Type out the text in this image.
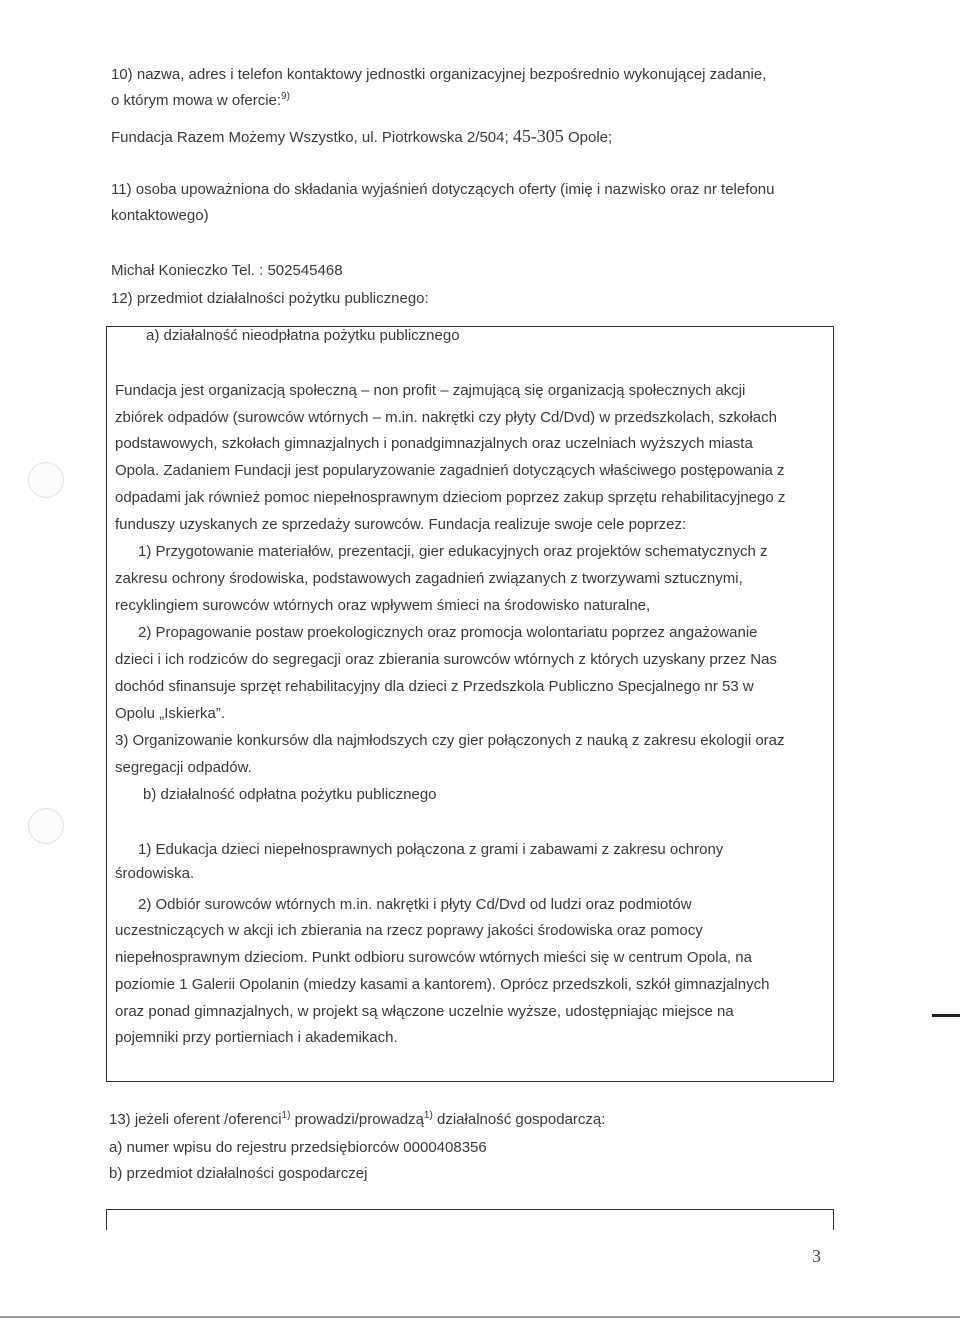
10) nazwa, adres i telefon kontaktowy jednostki organizacyjnej bezpośrednio wykonującej zadanie,
o którym mowa w ofercie:$^{9)}$
Fundacja Razem Możemy Wszystko, ul. Piotrkowska 2/504; 45-305 Opole;
11) osoba upoważniona do składania wyjaśnień dotyczących oferty (imię i nazwisko oraz nr telefonu
kontaktowego)
Michał Konieczko Tel. : 502545468
12) przedmiot działalności pożytku publicznego:
a) działalność nieodpłatna pożytku publicznego
Fundacja jest organizacją społeczną – non profit – zajmującą się organizacją społecznych akcji
zbiórek odpadów (surowców wtórnych – m.in. nakrętki czy płyty Cd/Dvd) w przedszkolach, szkołach
podstawowych, szkołach gimnazjalnych i ponadgimnazjalnych oraz uczelniach wyższych miasta
Opola. Zadaniem Fundacji jest popularyzowanie zagadnień dotyczących właściwego postępowania z
odpadami jak również pomoc niepełnosprawnym dzieciom poprzez zakup sprzętu rehabilitacyjnego z
funduszy uzyskanych ze sprzedaży surowców. Fundacja realizuje swoje cele poprzez:
1) Przygotowanie materiałów, prezentacji, gier edukacyjnych oraz projektów schematycznych z
zakresu ochrony środowiska, podstawowych zagadnień związanych z tworzywami sztucznymi,
recyklingiem surowców wtórnych oraz wpływem śmieci na środowisko naturalne,
2) Propagowanie postaw proekologicznych oraz promocja wolontariatu poprzez angażowanie
dzieci i ich rodziców do segregacji oraz zbierania surowców wtórnych z których uzyskany przez Nas
dochód sfinansuje sprzęt rehabilitacyjny dla dzieci z Przedszkola Publiczno Specjalnego nr 53 w
Opolu „Iskierka”.
3) Organizowanie konkursów dla najmłodszych czy gier połączonych z nauką z zakresu ekologii oraz
segregacji odpadów.
b) działalność odpłatna pożytku publicznego
1) Edukacja dzieci niepełnosprawnych połączona z grami i zabawami z zakresu ochrony
środowiska.
2) Odbiór surowców wtórnych m.in. nakrętki i płyty Cd/Dvd od ludzi oraz podmiotów
uczestniczących w akcji ich zbierania na rzecz poprawy jakości środowiska oraz pomocy
niepełnosprawnym dzieciom. Punkt odbioru surowców wtórnych mieści się w centrum Opola, na
poziomie 1 Galerii Opolanin (miedzy kasami a kantorem). Oprócz przedszkoli, szkół gimnazjalnych
oraz ponad gimnazjalnych, w projekt są włączone uczelnie wyższe, udostępniając miejsce na
pojemniki przy portierniach i akademikach.
13) jeżeli oferent /oferenci$^{1)}$ prowadzi/prowadzą$^{1)}$ działalność gospodarczą:
a) numer wpisu do rejestru przedsiębiorców 0000408356
b) przedmiot działalności gospodarczej
3
